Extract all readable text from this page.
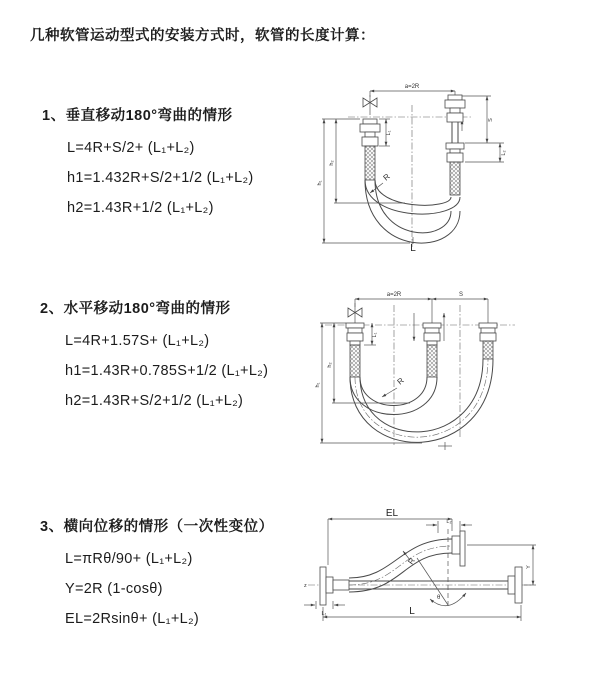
几种软管运动型式的安装方式时，软管的长度计算：
1、垂直移动180°弯曲的情形
L=4R+S/2+ (L₁+L₂)
h1=1.432R+S/2+1/2 (L₁+L₂)
h2=1.43R+1/2 (L₁+L₂)
2、水平移动180°弯曲的情形
L=4R+1.57S+ (L₁+L₂)
h1=1.43R+0.785S+1/2 (L₁+L₂)
h2=1.43R+S/2+1/2 (L₁+L₂)
3、横向位移的情形（一次性变位）
L=πRθ/90+ (L₁+L₂)
Y=2R (1-cosθ)
EL=2Rsinθ+ (L₁+L₂)
a=2R
R
h₁
h₂
L₁
S
L₂
L
a=2R	S
R
h₁
h₂
L₁
EL
L₂
z
R
θ
Y
L₁	L
